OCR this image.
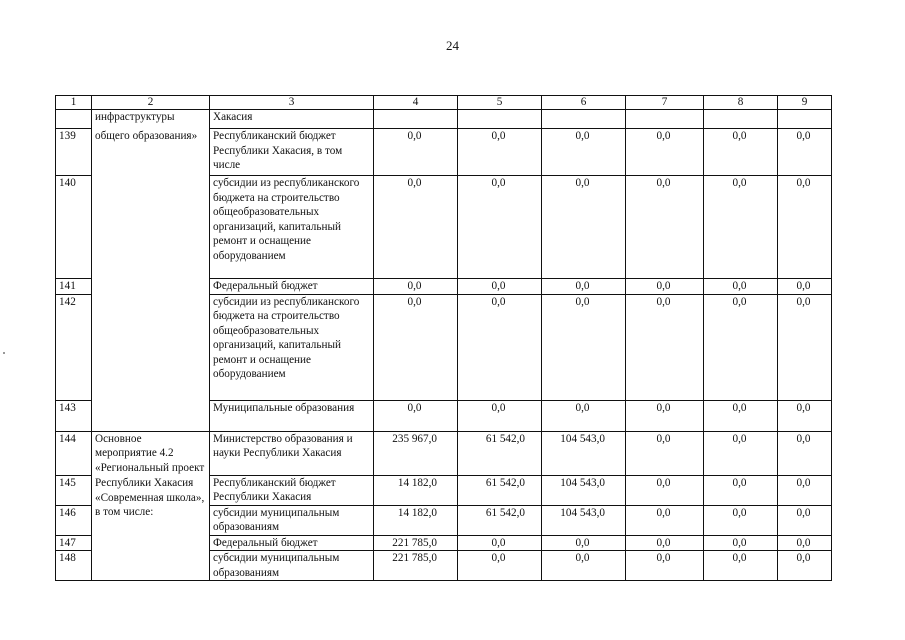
24
1	2	3	4	5	6	7	8	9
	инфраструктуры	Хакасия						
139	общего образования»	Республиканский бюджет Республики Хакасия, в том числе	0,0	0,0	0,0	0,0	0,0	0,0
140		субсидии из республиканского бюджета на строительство общеобразовательных организаций, капитальный ремонт и оснащение оборудованием	0,0	0,0	0,0	0,0	0,0	0,0
141		Федеральный бюджет	0,0	0,0	0,0	0,0	0,0	0,0
142		субсидии из республиканского бюджета на строительство общеобразовательных организаций, капитальный ремонт и оснащение оборудованием	0,0	0,0	0,0	0,0	0,0	0,0
143		Муниципальные образования	0,0	0,0	0,0	0,0	0,0	0,0
144	Основное мероприятие 4.2 «Региональный проект Республики Хакасия «Современная школа», в том числе:	Министерство образования и науки Республики Хакасия	235 967,0	61 542,0	104 543,0	0,0	0,0	0,0
145		Республиканский бюджет Республики Хакасия	14 182,0	61 542,0	104 543,0	0,0	0,0	0,0
146		субсидии муниципальным образованиям	14 182,0	61 542,0	104 543,0	0,0	0,0	0,0
147		Федеральный бюджет	221 785,0	0,0	0,0	0,0	0,0	0,0
148		субсидии муниципальным образованиям	221 785,0	0,0	0,0	0,0	0,0	0,0
